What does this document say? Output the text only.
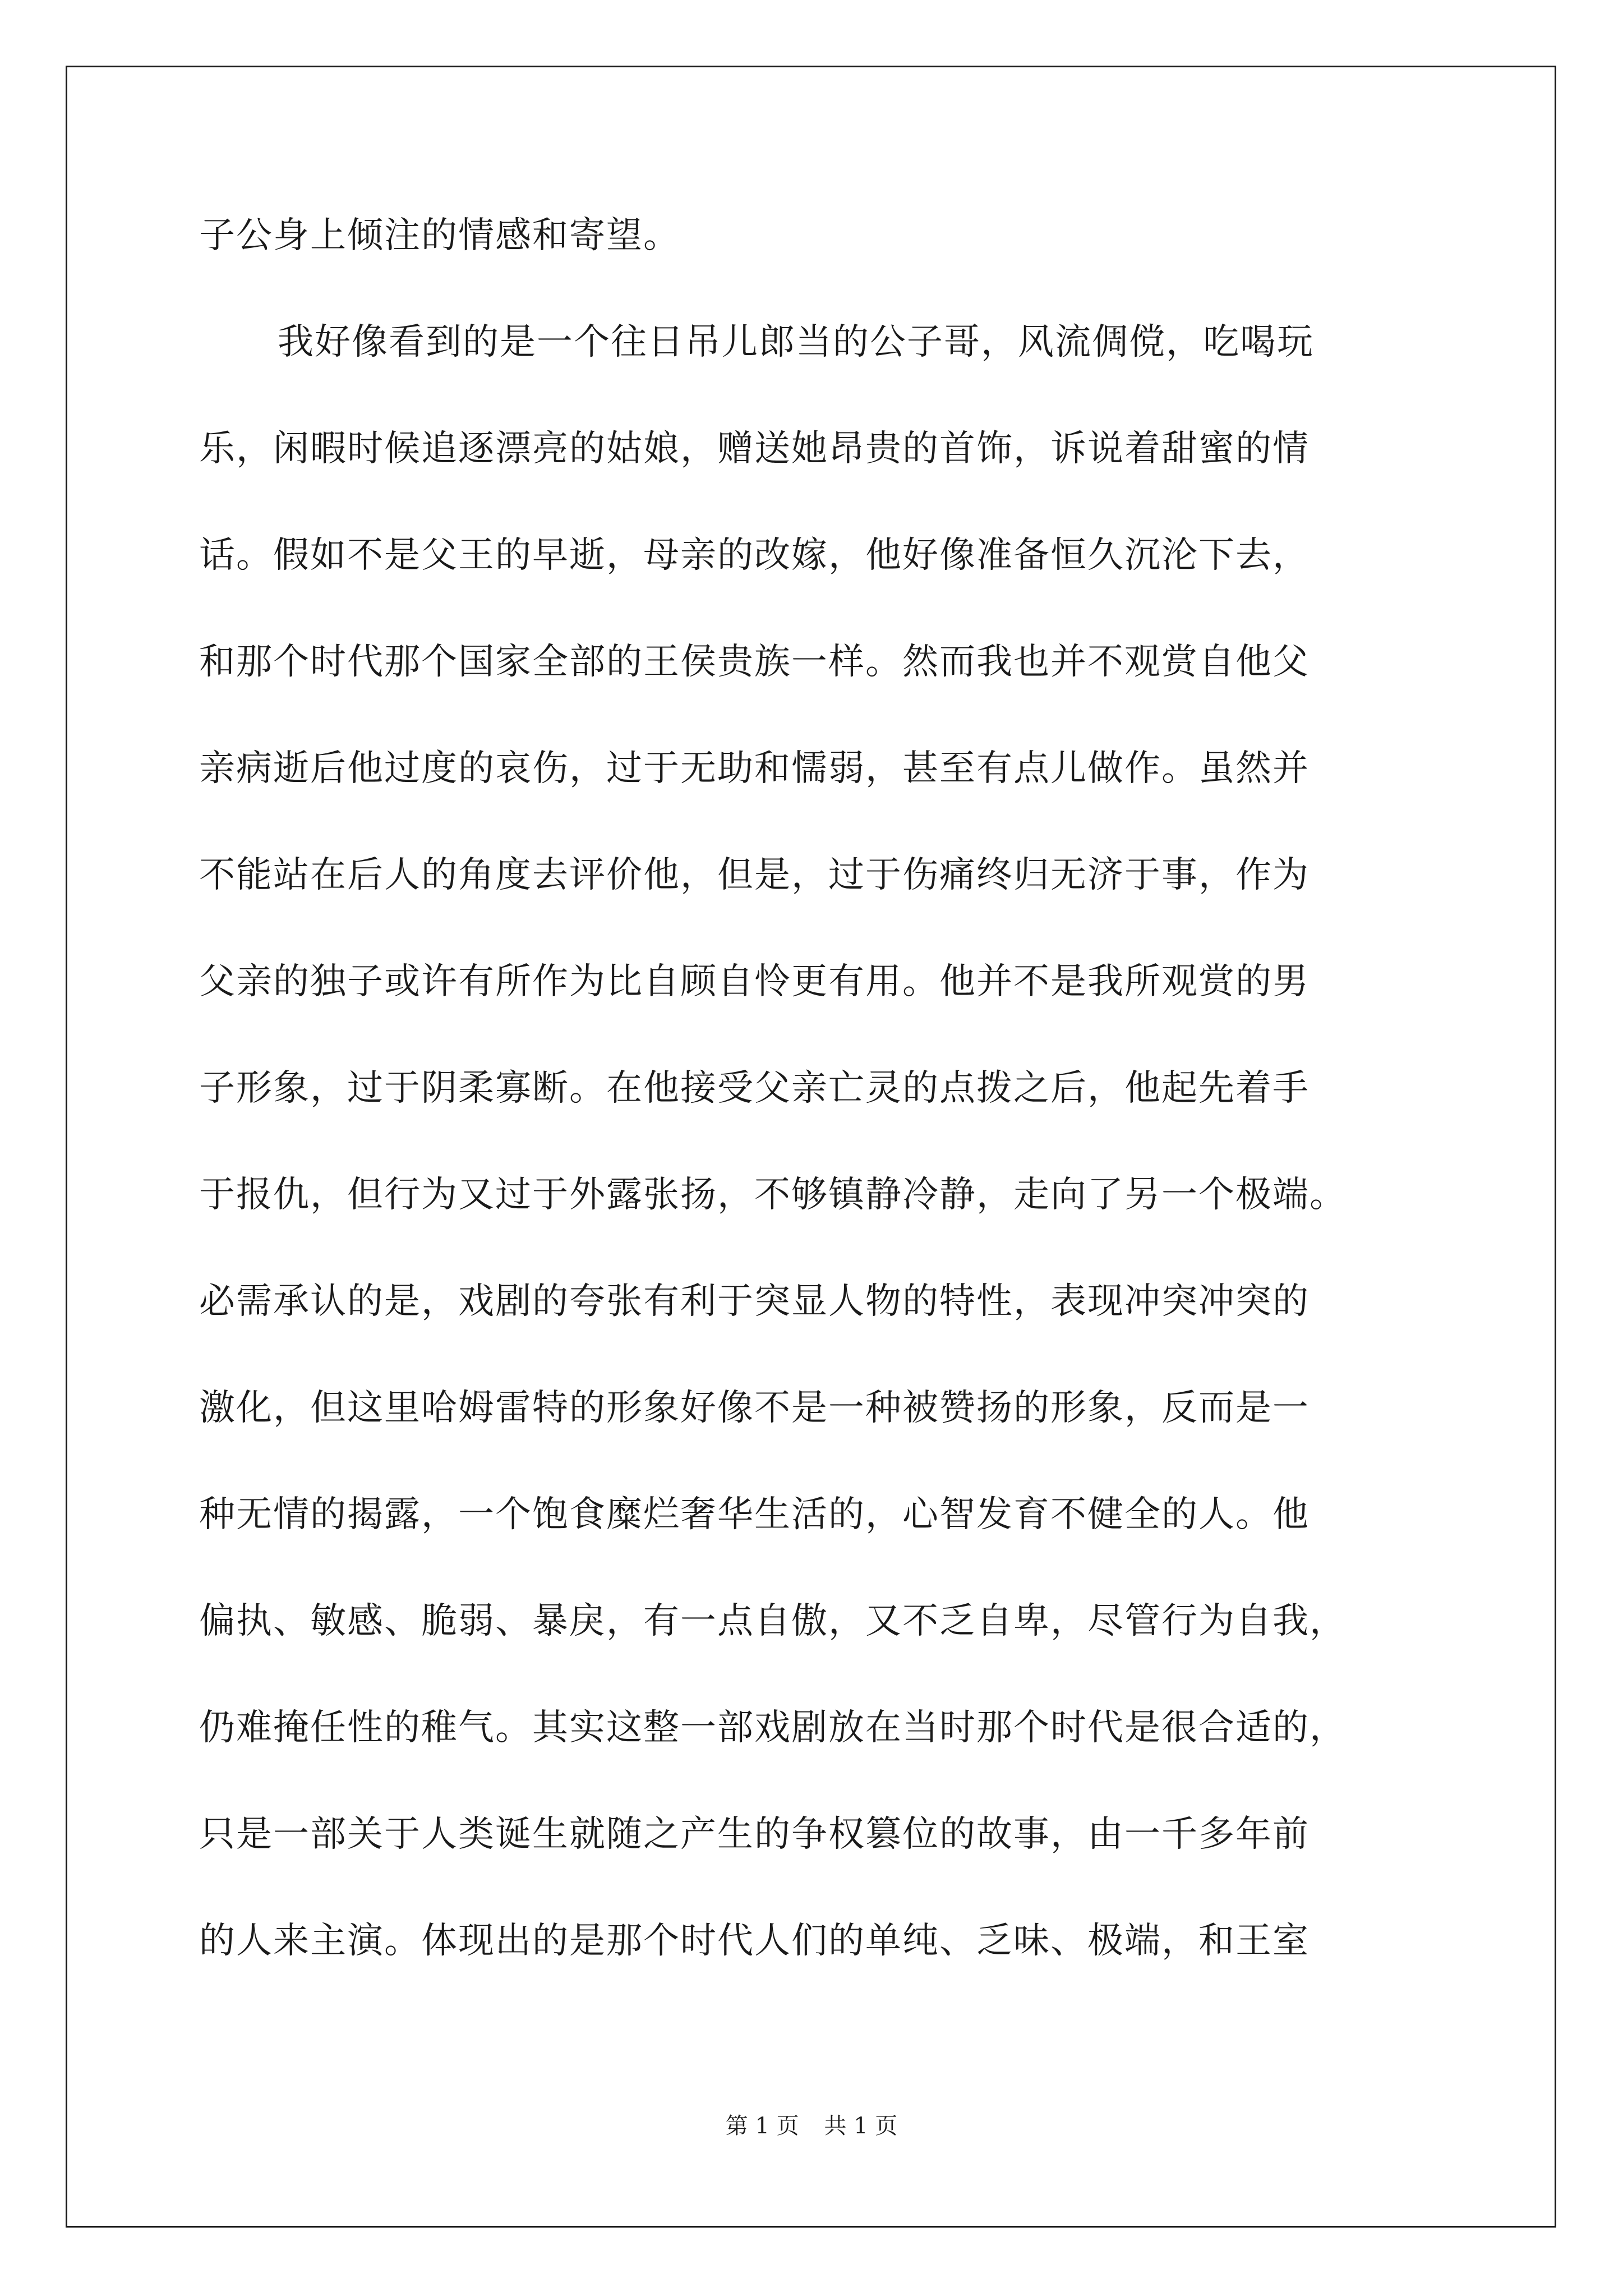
子公身上倾注的情感和寄望。
我好像看到的是一个往日吊儿郎当的公子哥，风流倜傥，吃喝玩
乐，闲暇时候追逐漂亮的姑娘，赠送她昂贵的首饰，诉说着甜蜜的情
话。假如不是父王的早逝，母亲的改嫁，他好像准备恒久沉沦下去，
和那个时代那个国家全部的王侯贵族一样。然而我也并不观赏自他父
亲病逝后他过度的哀伤，过于无助和懦弱，甚至有点儿做作。虽然并
不能站在后人的角度去评价他，但是，过于伤痛终归无济于事，作为
父亲的独子或许有所作为比自顾自怜更有用。他并不是我所观赏的男
子形象，过于阴柔寡断。在他接受父亲亡灵的点拨之后，他起先着手
于报仇，但行为又过于外露张扬，不够镇静冷静，走向了另一个极端。
必需承认的是，戏剧的夸张有利于突显人物的特性，表现冲突冲突的
激化，但这里哈姆雷特的形象好像不是一种被赞扬的形象，反而是一
种无情的揭露，一个饱食糜烂奢华生活的，心智发育不健全的人。他
偏执、敏感、脆弱、暴戾，有一点自傲，又不乏自卑，尽管行为自我，
仍难掩任性的稚气。其实这整一部戏剧放在当时那个时代是很合适的，
只是一部关于人类诞生就随之产生的争权篡位的故事，由一千多年前
的人来主演。体现出的是那个时代人们的单纯、乏味、极端，和王室
第 1 页 共 1 页
